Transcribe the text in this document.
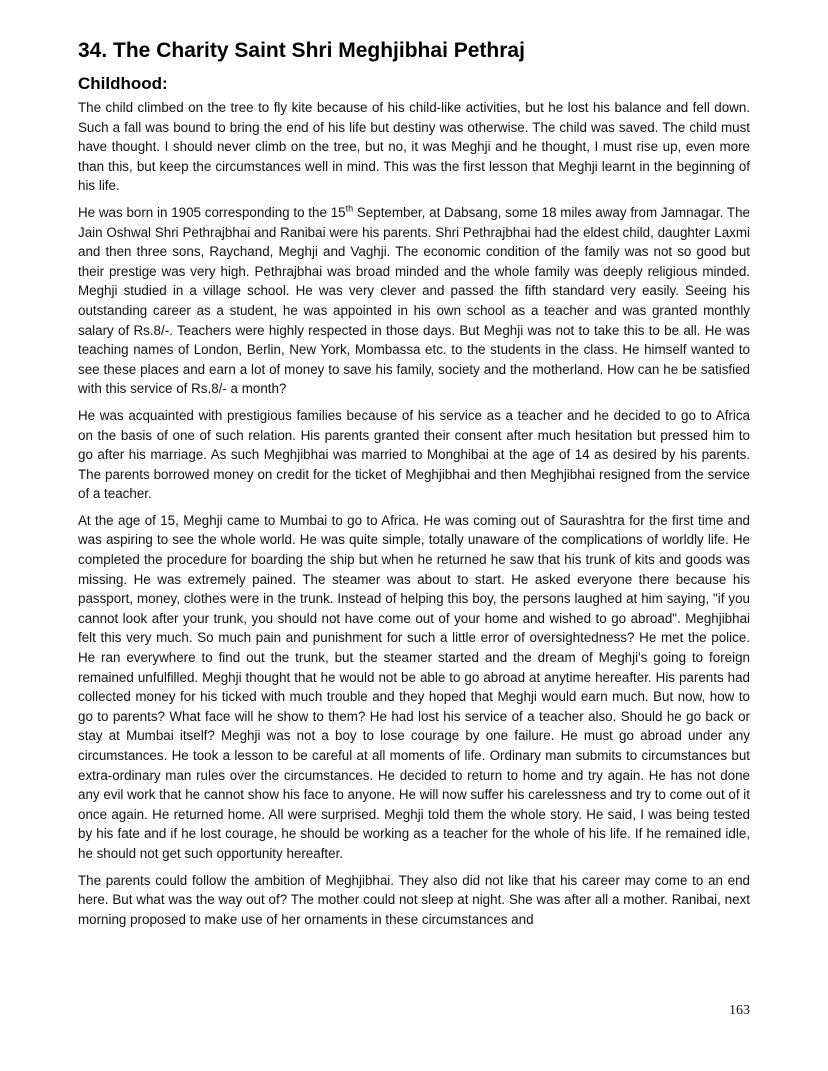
34. The Charity Saint Shri Meghjibhai Pethraj
Childhood:

The child climbed on the tree to fly kite because of his child-like activities, but he lost his balance and fell down. Such a fall was bound to bring the end of his life but destiny was otherwise. The child was saved. The child must have thought. I should never climb on the tree, but no, it was Meghji and he thought, I must rise up, even more than this, but keep the circumstances well in mind. This was the first lesson that Meghji learnt in the beginning of his life.

He was born in 1905 corresponding to the 15th September, at Dabsang, some 18 miles away from Jamnagar. The Jain Oshwal Shri Pethrajbhai and Ranibai were his parents. Shri Pethrajbhai had the eldest child, daughter Laxmi and then three sons, Raychand, Meghji and Vaghji. The economic condition of the family was not so good but their prestige was very high. Pethrajbhai was broad minded and the whole family was deeply religious minded. Meghji studied in a village school. He was very clever and passed the fifth standard very easily. Seeing his outstanding career as a student, he was appointed in his own school as a teacher and was granted monthly salary of Rs.8/-. Teachers were highly respected in those days. But Meghji was not to take this to be all. He was teaching names of London, Berlin, New York, Mombassa etc. to the students in the class. He himself wanted to see these places and earn a lot of money to save his family, society and the motherland. How can he be satisfied with this service of Rs.8/- a month?

He was acquainted with prestigious families because of his service as a teacher and he decided to go to Africa on the basis of one of such relation. His parents granted their consent after much hesitation but pressed him to go after his marriage. As such Meghjibhai was married to Monghibai at the age of 14 as desired by his parents. The parents borrowed money on credit for the ticket of Meghjibhai and then Meghjibhai resigned from the service of a teacher.

At the age of 15, Meghji came to Mumbai to go to Africa. He was coming out of Saurashtra for the first time and was aspiring to see the whole world. He was quite simple, totally unaware of the complications of worldly life. He completed the procedure for boarding the ship but when he returned he saw that his trunk of kits and goods was missing. He was extremely pained. The steamer was about to start. He asked everyone there because his passport, money, clothes were in the trunk. Instead of helping this boy, the persons laughed at him saying, "if you cannot look after your trunk, you should not have come out of your home and wished to go abroad". Meghjibhai felt this very much. So much pain and punishment for such a little error of oversightedness? He met the police. He ran everywhere to find out the trunk, but the steamer started and the dream of Meghji's going to foreign remained unfulfilled. Meghji thought that he would not be able to go abroad at anytime hereafter. His parents had collected money for his ticked with much trouble and they hoped that Meghji would earn much. But now, how to go to parents? What face will he show to them? He had lost his service of a teacher also. Should he go back or stay at Mumbai itself? Meghji was not a boy to lose courage by one failure. He must go abroad under any circumstances. He took a lesson to be careful at all moments of life. Ordinary man submits to circumstances but extra-ordinary man rules over the circumstances. He decided to return to home and try again. He has not done any evil work that he cannot show his face to anyone. He will now suffer his carelessness and try to come out of it once again. He returned home. All were surprised. Meghji told them the whole story. He said, I was being tested by his fate and if he lost courage, he should be working as a teacher for the whole of his life. If he remained idle, he should not get such opportunity hereafter.

The parents could follow the ambition of Meghjibhai. They also did not like that his career may come to an end here. But what was the way out of? The mother could not sleep at night. She was after all a mother. Ranibai, next morning proposed to make use of her ornaments in these circumstances and

163
